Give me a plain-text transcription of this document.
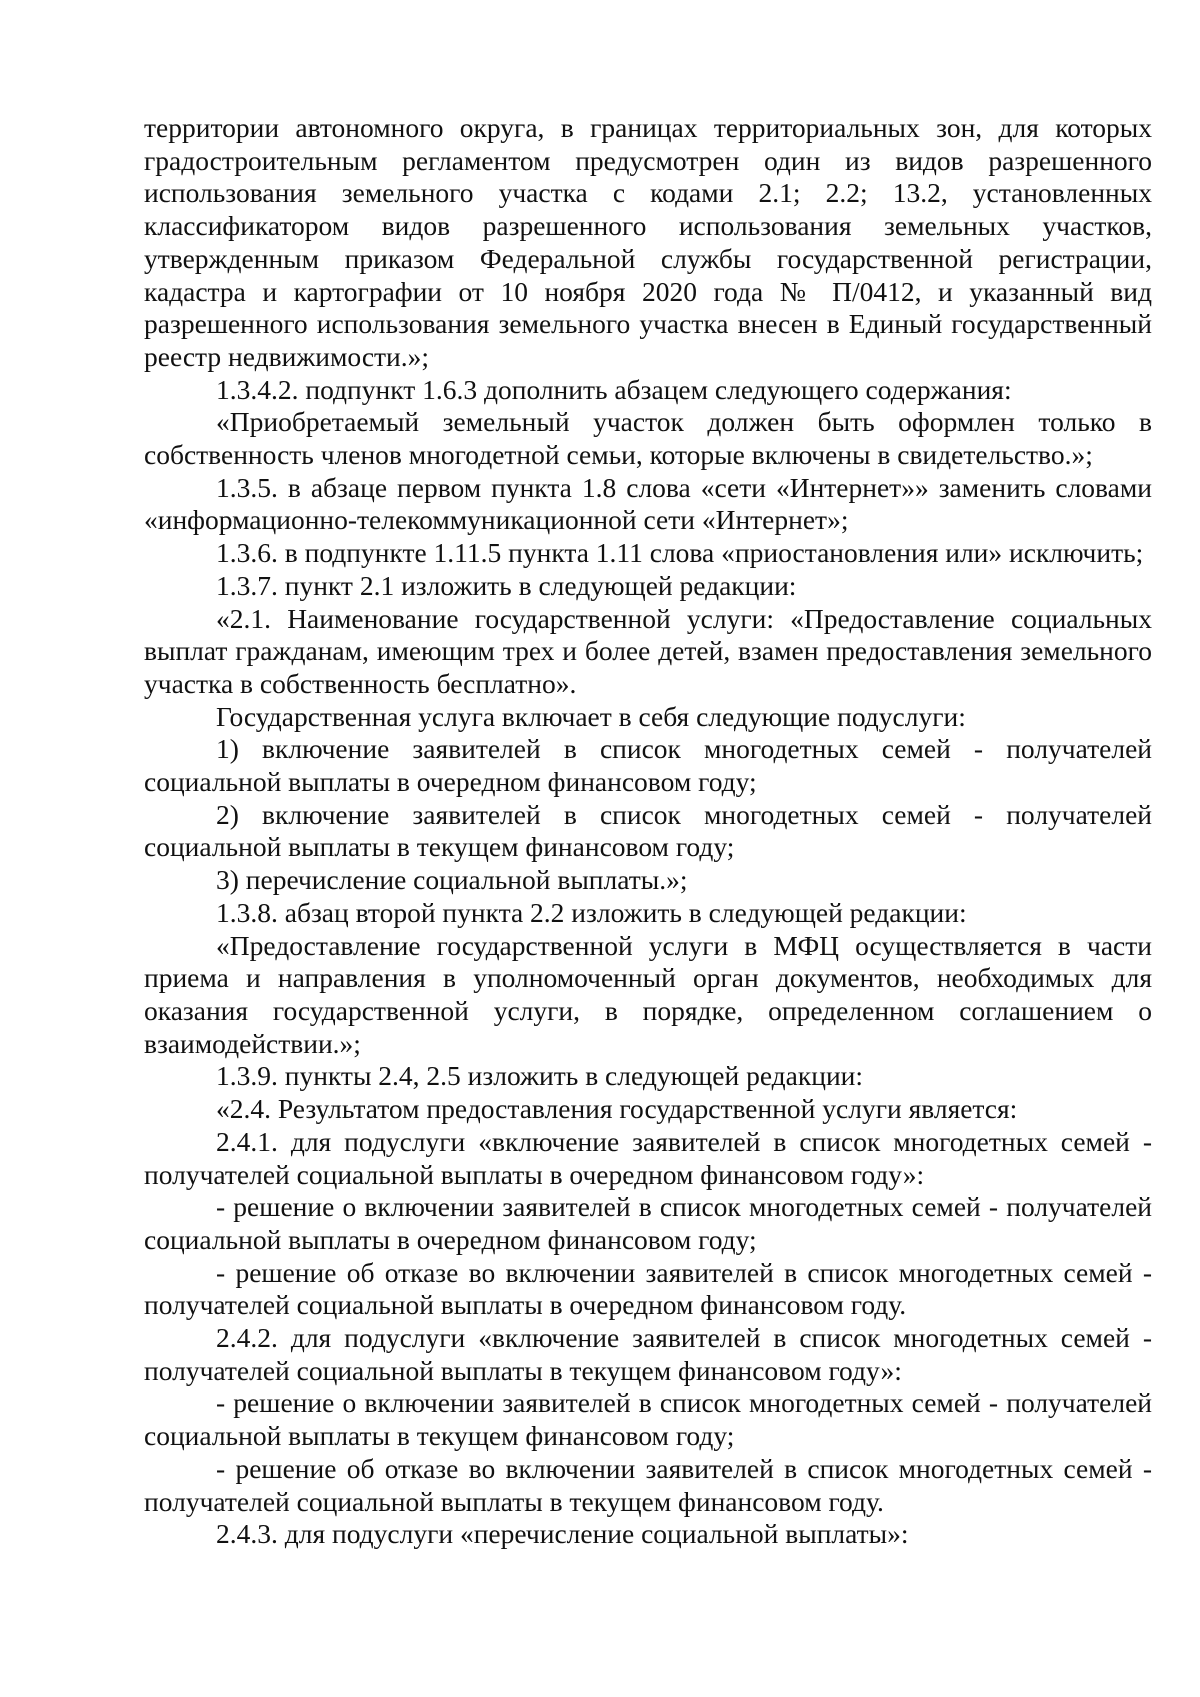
территории автономного округа, в границах территориальных зон, для которых градостроительным регламентом предусмотрен один из видов разрешенного использования земельного участка с кодами 2.1; 2.2; 13.2, установленных классификатором видов разрешенного использования земельных участков, утвержденным приказом Федеральной службы государственной регистрации, кадастра и картографии от 10 ноября 2020 года № П/0412, и указанный вид разрешенного использования земельного участка внесен в Единый государственный реестр недвижимости.»;

1.3.4.2. подпункт 1.6.3 дополнить абзацем следующего содержания:

«Приобретаемый земельный участок должен быть оформлен только в собственность членов многодетной семьи, которые включены в свидетельство.»;

1.3.5. в абзаце первом пункта 1.8 слова «сети «Интернет»» заменить словами «информационно-телекоммуникационной сети «Интернет»;

1.3.6. в подпункте 1.11.5 пункта 1.11 слова «приостановления или» исключить;

1.3.7. пункт 2.1 изложить в следующей редакции:

«2.1. Наименование государственной услуги: «Предоставление социальных выплат гражданам, имеющим трех и более детей, взамен предоставления земельного участка в собственность бесплатно».

Государственная услуга включает в себя следующие подуслуги:

1) включение заявителей в список многодетных семей - получателей социальной выплаты в очередном финансовом году;

2) включение заявителей в список многодетных семей - получателей социальной выплаты в текущем финансовом году;

3) перечисление социальной выплаты.»;

1.3.8. абзац второй пункта 2.2 изложить в следующей редакции:

«Предоставление государственной услуги в МФЦ осуществляется в части приема и направления в уполномоченный орган документов, необходимых для оказания государственной услуги, в порядке, определенном соглашением о взаимодействии.»;

1.3.9. пункты 2.4, 2.5 изложить в следующей редакции:

«2.4. Результатом предоставления государственной услуги является:

2.4.1. для подуслуги «включение заявителей в список многодетных семей - получателей социальной выплаты в очередном финансовом году»:

- решение о включении заявителей в список многодетных семей - получателей социальной выплаты в очередном финансовом году;

- решение об отказе во включении заявителей в список многодетных семей - получателей социальной выплаты в очередном финансовом году.

2.4.2. для подуслуги «включение заявителей в список многодетных семей - получателей социальной выплаты в текущем финансовом году»:

- решение о включении заявителей в список многодетных семей - получателей социальной выплаты в текущем финансовом году;

- решение об отказе во включении заявителей в список многодетных семей - получателей социальной выплаты в текущем финансовом году.

2.4.3. для подуслуги «перечисление социальной выплаты»:
